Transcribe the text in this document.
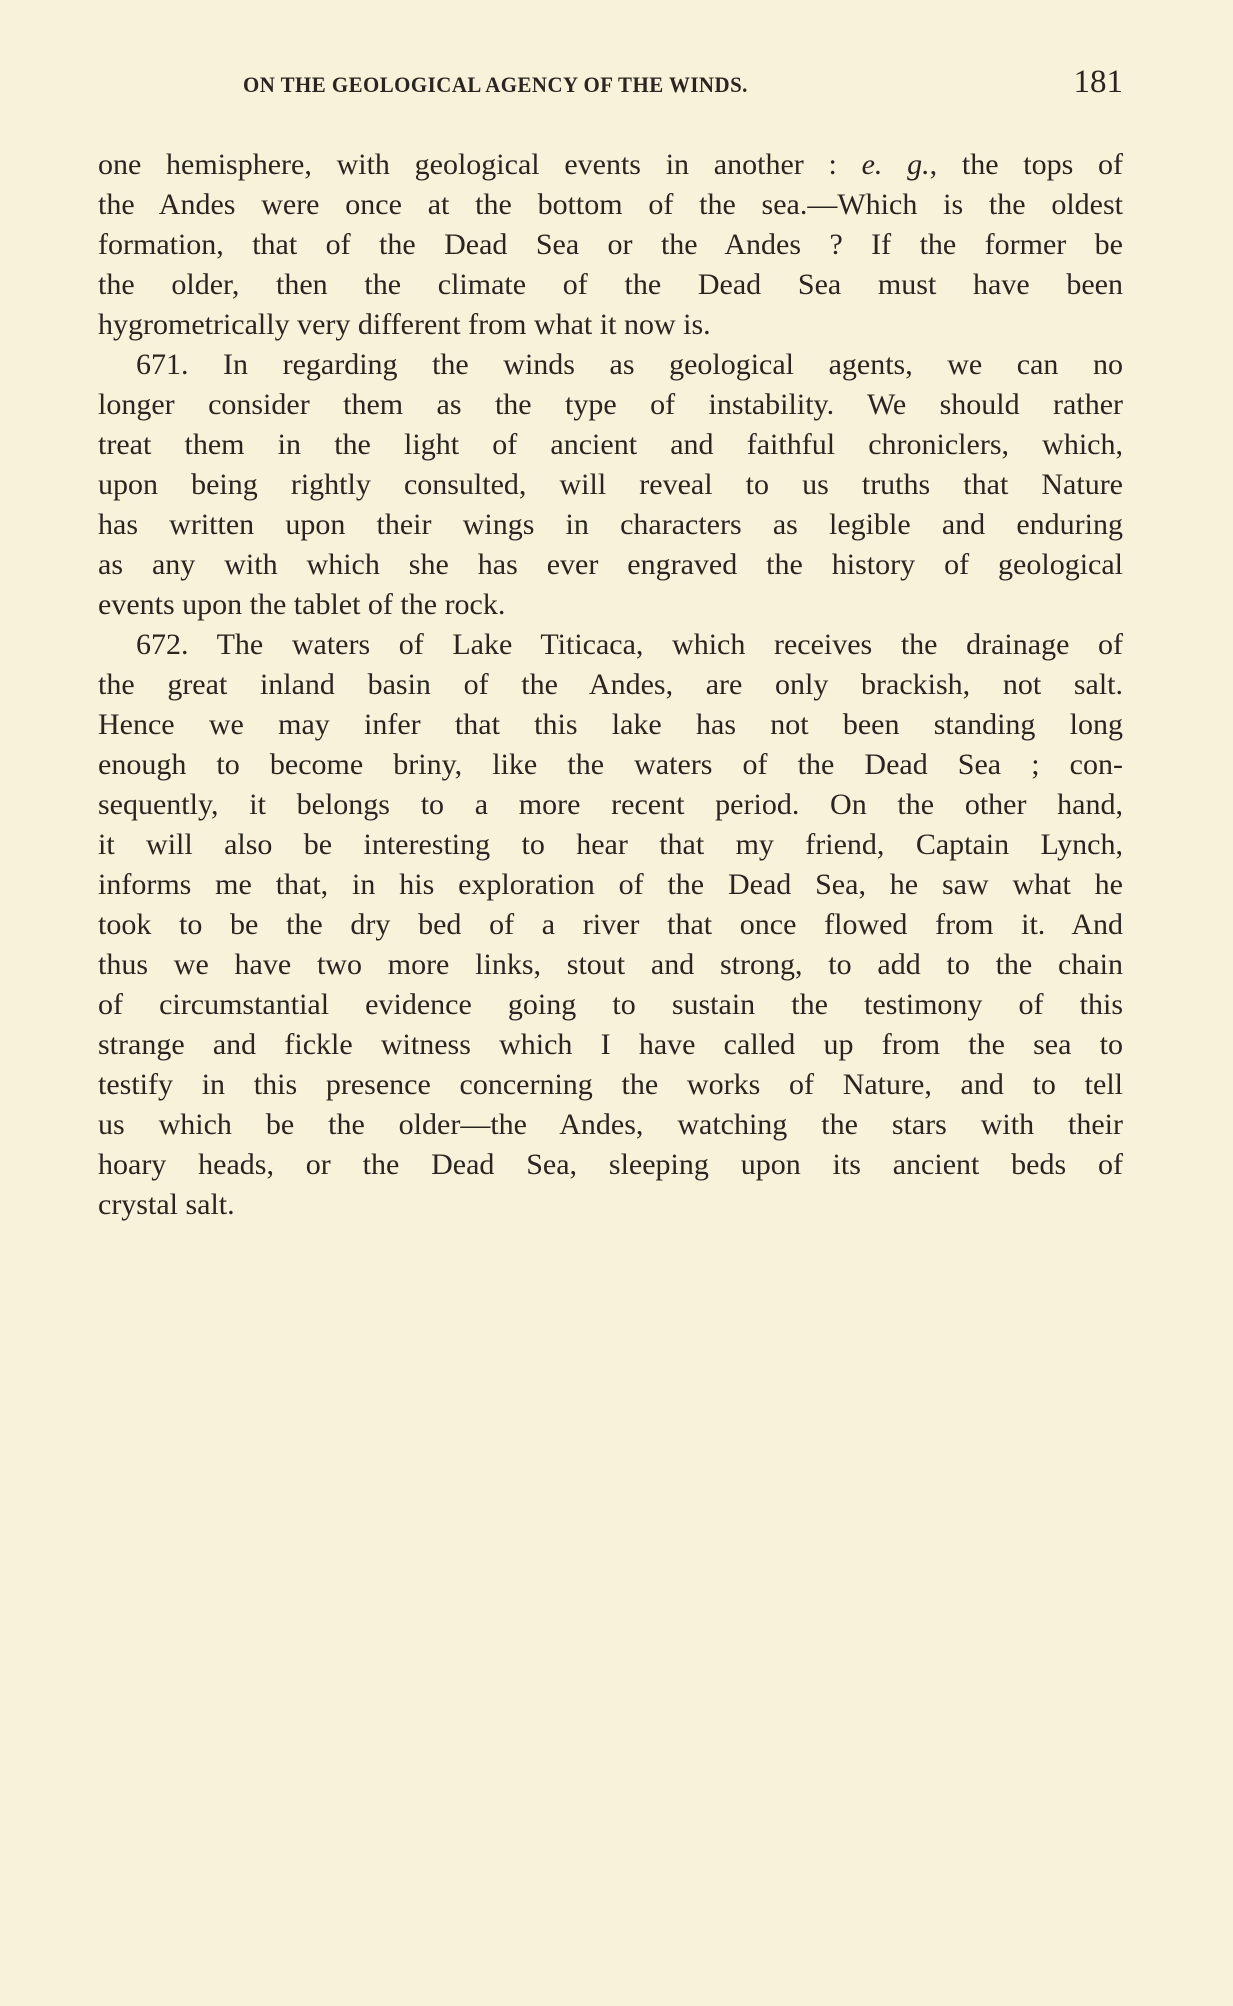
ON THE GEOLOGICAL AGENCY OF THE WINDS.	181
one hemisphere, with geological events in another : e. g., the tops of
the Andes were once at the bottom of the sea.—Which is the oldest
formation, that of the Dead Sea or the Andes ? If the former be
the older, then the climate of the Dead Sea must have been
hygrometrically very different from what it now is.
671. In regarding the winds as geological agents, we can no
longer consider them as the type of instability. We should rather
treat them in the light of ancient and faithful chroniclers, which,
upon being rightly consulted, will reveal to us truths that Nature
has written upon their wings in characters as legible and enduring
as any with which she has ever engraved the history of geological
events upon the tablet of the rock.
672. The waters of Lake Titicaca, which receives the drainage of
the great inland basin of the Andes, are only brackish, not salt.
Hence we may infer that this lake has not been standing long
enough to become briny, like the waters of the Dead Sea ; con-
sequently, it belongs to a more recent period. On the other hand,
it will also be interesting to hear that my friend, Captain Lynch,
informs me that, in his exploration of the Dead Sea, he saw what he
took to be the dry bed of a river that once flowed from it. And
thus we have two more links, stout and strong, to add to the chain
of circumstantial evidence going to sustain the testimony of this
strange and fickle witness which I have called up from the sea to
testify in this presence concerning the works of Nature, and to tell
us which be the older—the Andes, watching the stars with their
hoary heads, or the Dead Sea, sleeping upon its ancient beds of
crystal salt.
